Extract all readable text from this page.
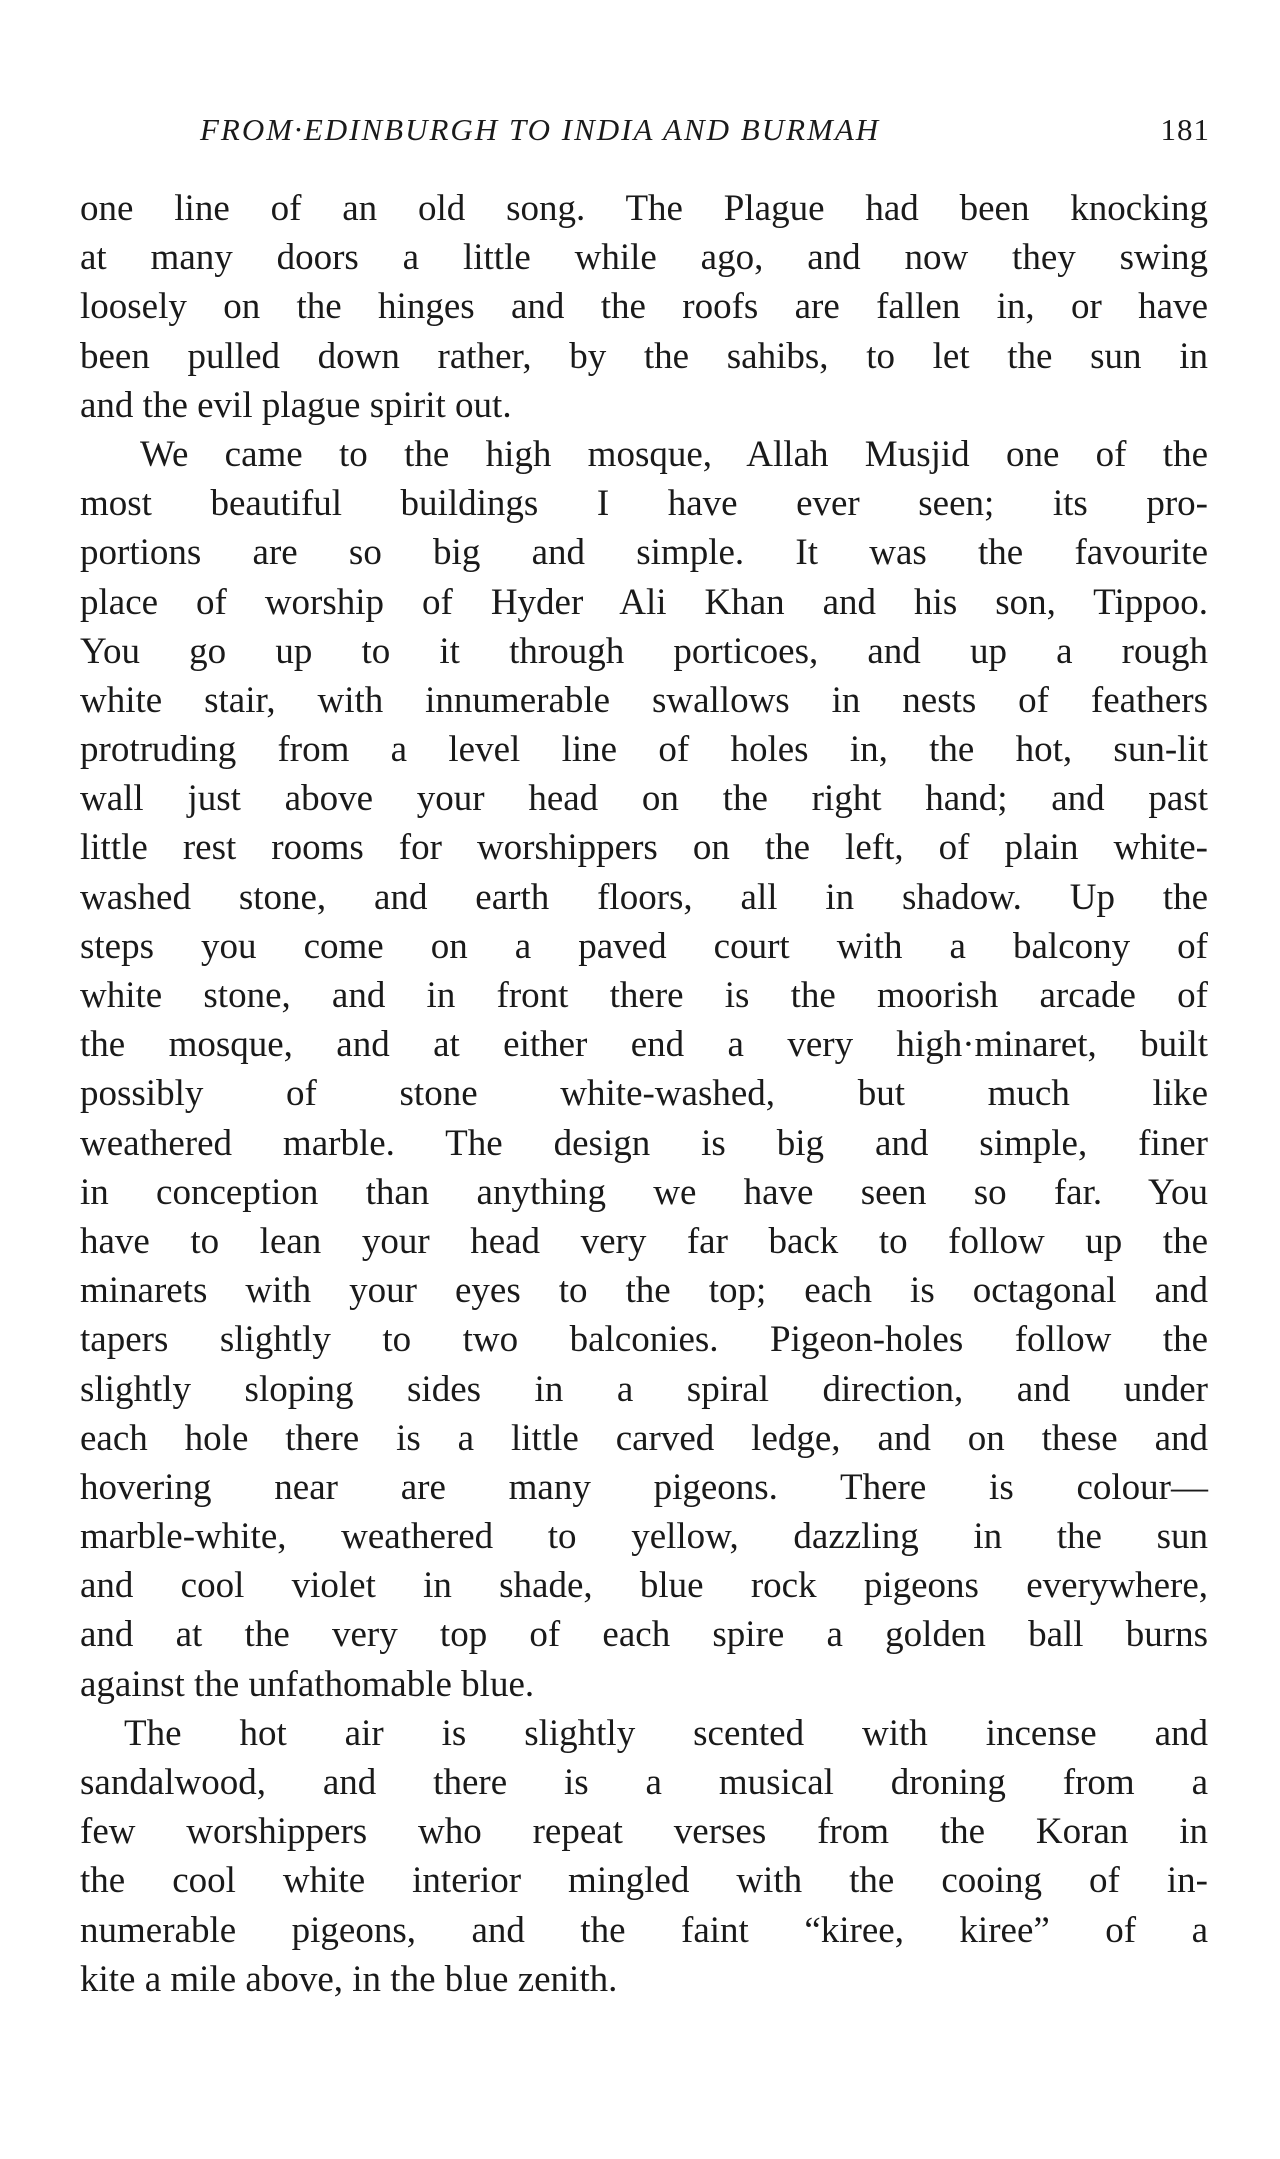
FROM·EDINBURGH TO INDIA AND BURMAH	181
one line of an old song. The Plague had been knocking
at many doors a little while ago, and now they swing
loosely on the hinges and the roofs are fallen in, or have
been pulled down rather, by the sahibs, to let the sun in
and the evil plague spirit out.
We came to the high mosque, Allah Musjid one of the
most beautiful buildings I have ever seen; its pro-
portions are so big and simple. It was the favourite
place of worship of Hyder Ali Khan and his son, Tippoo.
You go up to it through porticoes, and up a rough
white stair, with innumerable swallows in nests of feathers
protruding from a level line of holes in, the hot, sun-lit
wall just above your head on the right hand; and past
little rest rooms for worshippers on the left, of plain white-
washed stone, and earth floors, all in shadow. Up the
steps you come on a paved court with a balcony of
white stone, and in front there is the moorish arcade of
the mosque, and at either end a very high·minaret, built
possibly of stone white-washed, but much like
weathered marble. The design is big and simple, finer
in conception than anything we have seen so far. You
have to lean your head very far back to follow up the
minarets with your eyes to the top; each is octagonal and
tapers slightly to two balconies. Pigeon-holes follow the
slightly sloping sides in a spiral direction, and under
each hole there is a little carved ledge, and on these and
hovering near are many pigeons. There is colour—
marble-white, weathered to yellow, dazzling in the sun
and cool violet in shade, blue rock pigeons everywhere,
and at the very top of each spire a golden ball burns
against the unfathomable blue.
The hot air is slightly scented with incense and
sandalwood, and there is a musical droning from a
few worshippers who repeat verses from the Koran in
the cool white interior mingled with the cooing of in-
numerable pigeons, and the faint “kiree, kiree” of a
kite a mile above, in the blue zenith.
